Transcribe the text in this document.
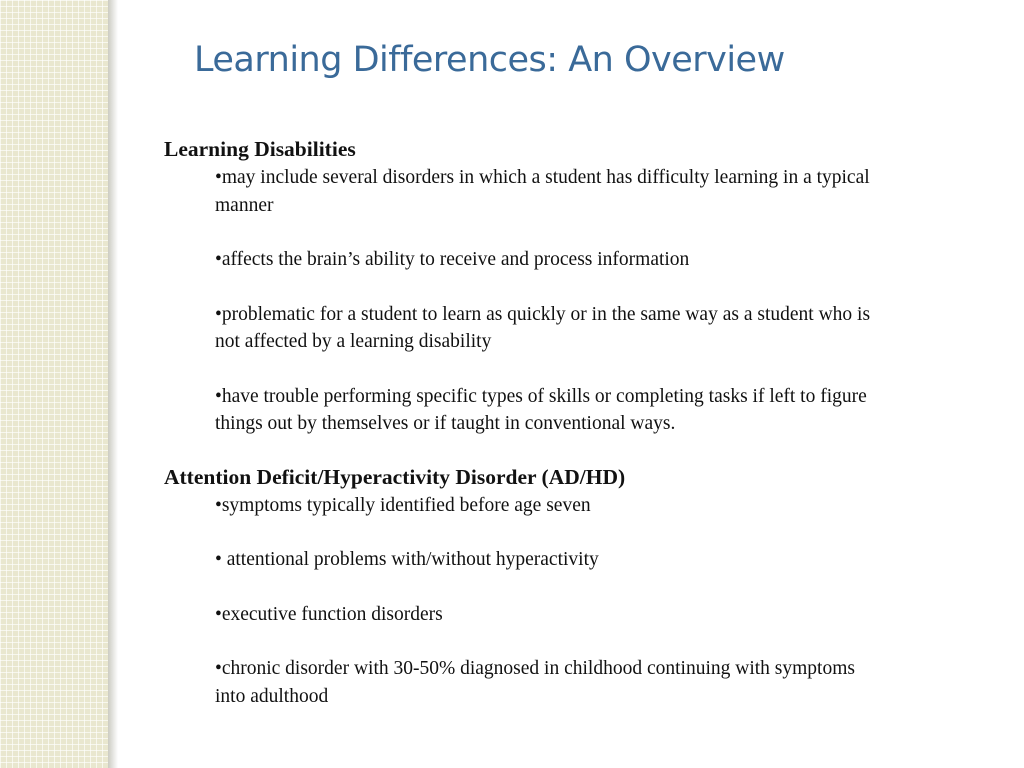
Learning Differences: An Overview

Learning Disabilities

•may include several disorders in which a student has difficulty learning in a typical manner
•affects the brain’s ability to receive and process information
•problematic for a student to learn as quickly or in the same way as a student who is not affected by a learning disability
•have trouble performing specific types of skills or completing tasks if left to figure things out by themselves or if taught in conventional ways.

Attention Deficit/Hyperactivity Disorder (AD/HD)

•symptoms typically identified before age seven
• attentional problems with/without hyperactivity
•executive function disorders
•chronic disorder with 30-50% diagnosed in childhood continuing with symptoms into adulthood
